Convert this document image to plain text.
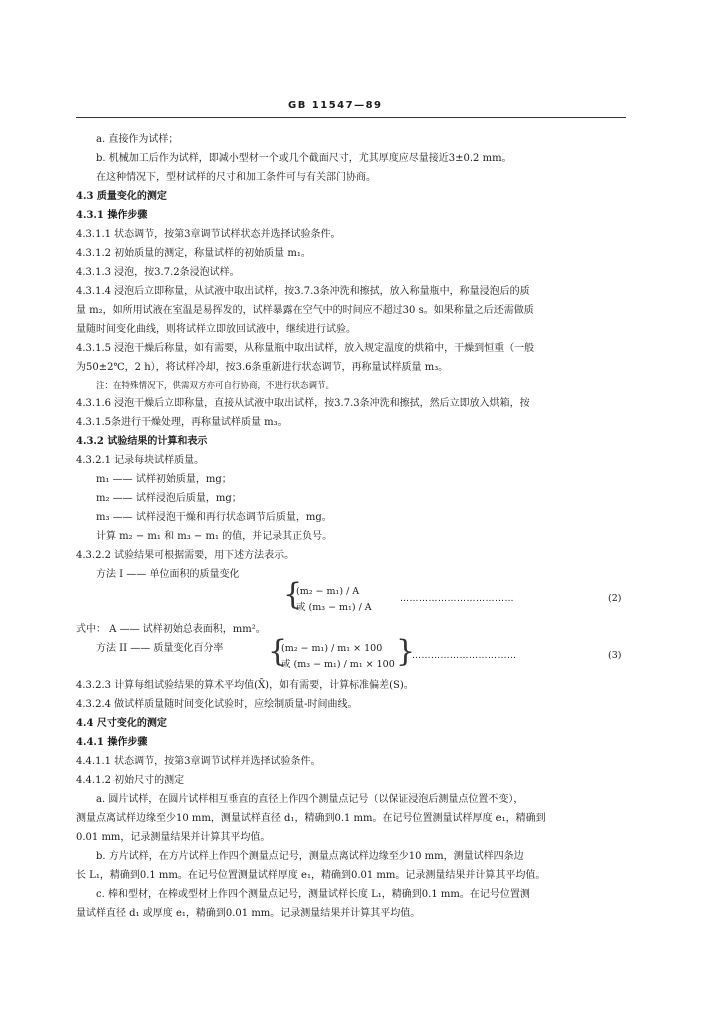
GB 11547—89
a. 直接作为试样；
b. 机械加工后作为试样，即减小型材一个或几个截面尺寸，尤其厚度应尽量接近3±0.2 mm。
在这种情况下，型材试样的尺寸和加工条件可与有关部门协商。
4.3 质量变化的测定
4.3.1 操作步骤
4.3.1.1 状态调节，按第3章调节试样状态并选择试验条件。
4.3.1.2 初始质量的测定，称量试样的初始质量 m₁。
4.3.1.3 浸泡，按3.7.2条浸泡试样。
4.3.1.4 浸泡后立即称量，从试液中取出试样，按3.7.3条冲洗和擦拭，放入称量瓶中，称量浸泡后的质
量 m₂，如所用试液在室温是易挥发的，试样暴露在空气中的时间应不超过30 s。如果称量之后还需做质
量随时间变化曲线，则将试样立即放回试液中，继续进行试验。
4.3.1.5 浸泡干燥后称量，如有需要，从称量瓶中取出试样，放入规定温度的烘箱中，干燥到恒重（一般
为50±2℃，2 h），将试样冷却，按3.6条重新进行状态调节，再称量试样质量 m₃。
注：在特殊情况下，供需双方亦可自行协商，不进行状态调节。
4.3.1.6 浸泡干燥后立即称量，直接从试液中取出试样，按3.7.3条冲洗和擦拭，然后立即放入烘箱，按
4.3.1.5条进行干燥处理，再称量试样质量 m₃。
4.3.2 试验结果的计算和表示
4.3.2.1 记录每块试样质量。
m₁ —— 试样初始质量，mg；
m₂ —— 试样浸泡后质量，mg；
m₃ —— 试样浸泡干燥和再行状态调节后质量，mg。
计算 m₂ − m₁ 和 m₃ − m₁ 的值，并记录其正负号。
4.3.2.2 试验结果可根据需要，用下述方法表示。
方法 I —— 单位面积的质量变化
{
(m₂ − m₁) / A
或 (m₃ − m₁) / A
………………………………	(2)
式中： A —— 试样初始总表面积，mm²。
方法 II —— 质量变化百分率 {
(m₂ − m₁) / m₁ × 100
或 (m₃ − m₁) / m₁ × 100 }
……………………………	(3)
4.3.2.3 计算每组试验结果的算术平均值(X̄)，如有需要，计算标准偏差(S)。
4.3.2.4 做试样质量随时间变化试验时，应绘制质量-时间曲线。
4.4 尺寸变化的测定
4.4.1 操作步骤
4.4.1.1 状态调节，按第3章调节试样并选择试验条件。
4.4.1.2 初始尺寸的测定
a. 圆片试样，在圆片试样相互垂直的直径上作四个测量点记号（以保证浸泡后测量点位置不变），
测量点离试样边缘至少10 mm，测量试样直径 d₁，精确到0.1 mm。在记号位置测量试样厚度 e₁，精确到
0.01 mm，记录测量结果并计算其平均值。
b. 方片试样，在方片试样上作四个测量点记号，测量点离试样边缘至少10 mm，测量试样四条边
长 L₁，精确到0.1 mm。在记号位置测量试样厚度 e₁，精确到0.01 mm。记录测量结果并计算其平均值。
c. 棒和型材，在棒或型材上作四个测量点记号，测量试样长度 L₁，精确到0.1 mm。在记号位置测
量试样直径 d₁ 或厚度 e₁，精确到0.01 mm。记录测量结果并计算其平均值。
